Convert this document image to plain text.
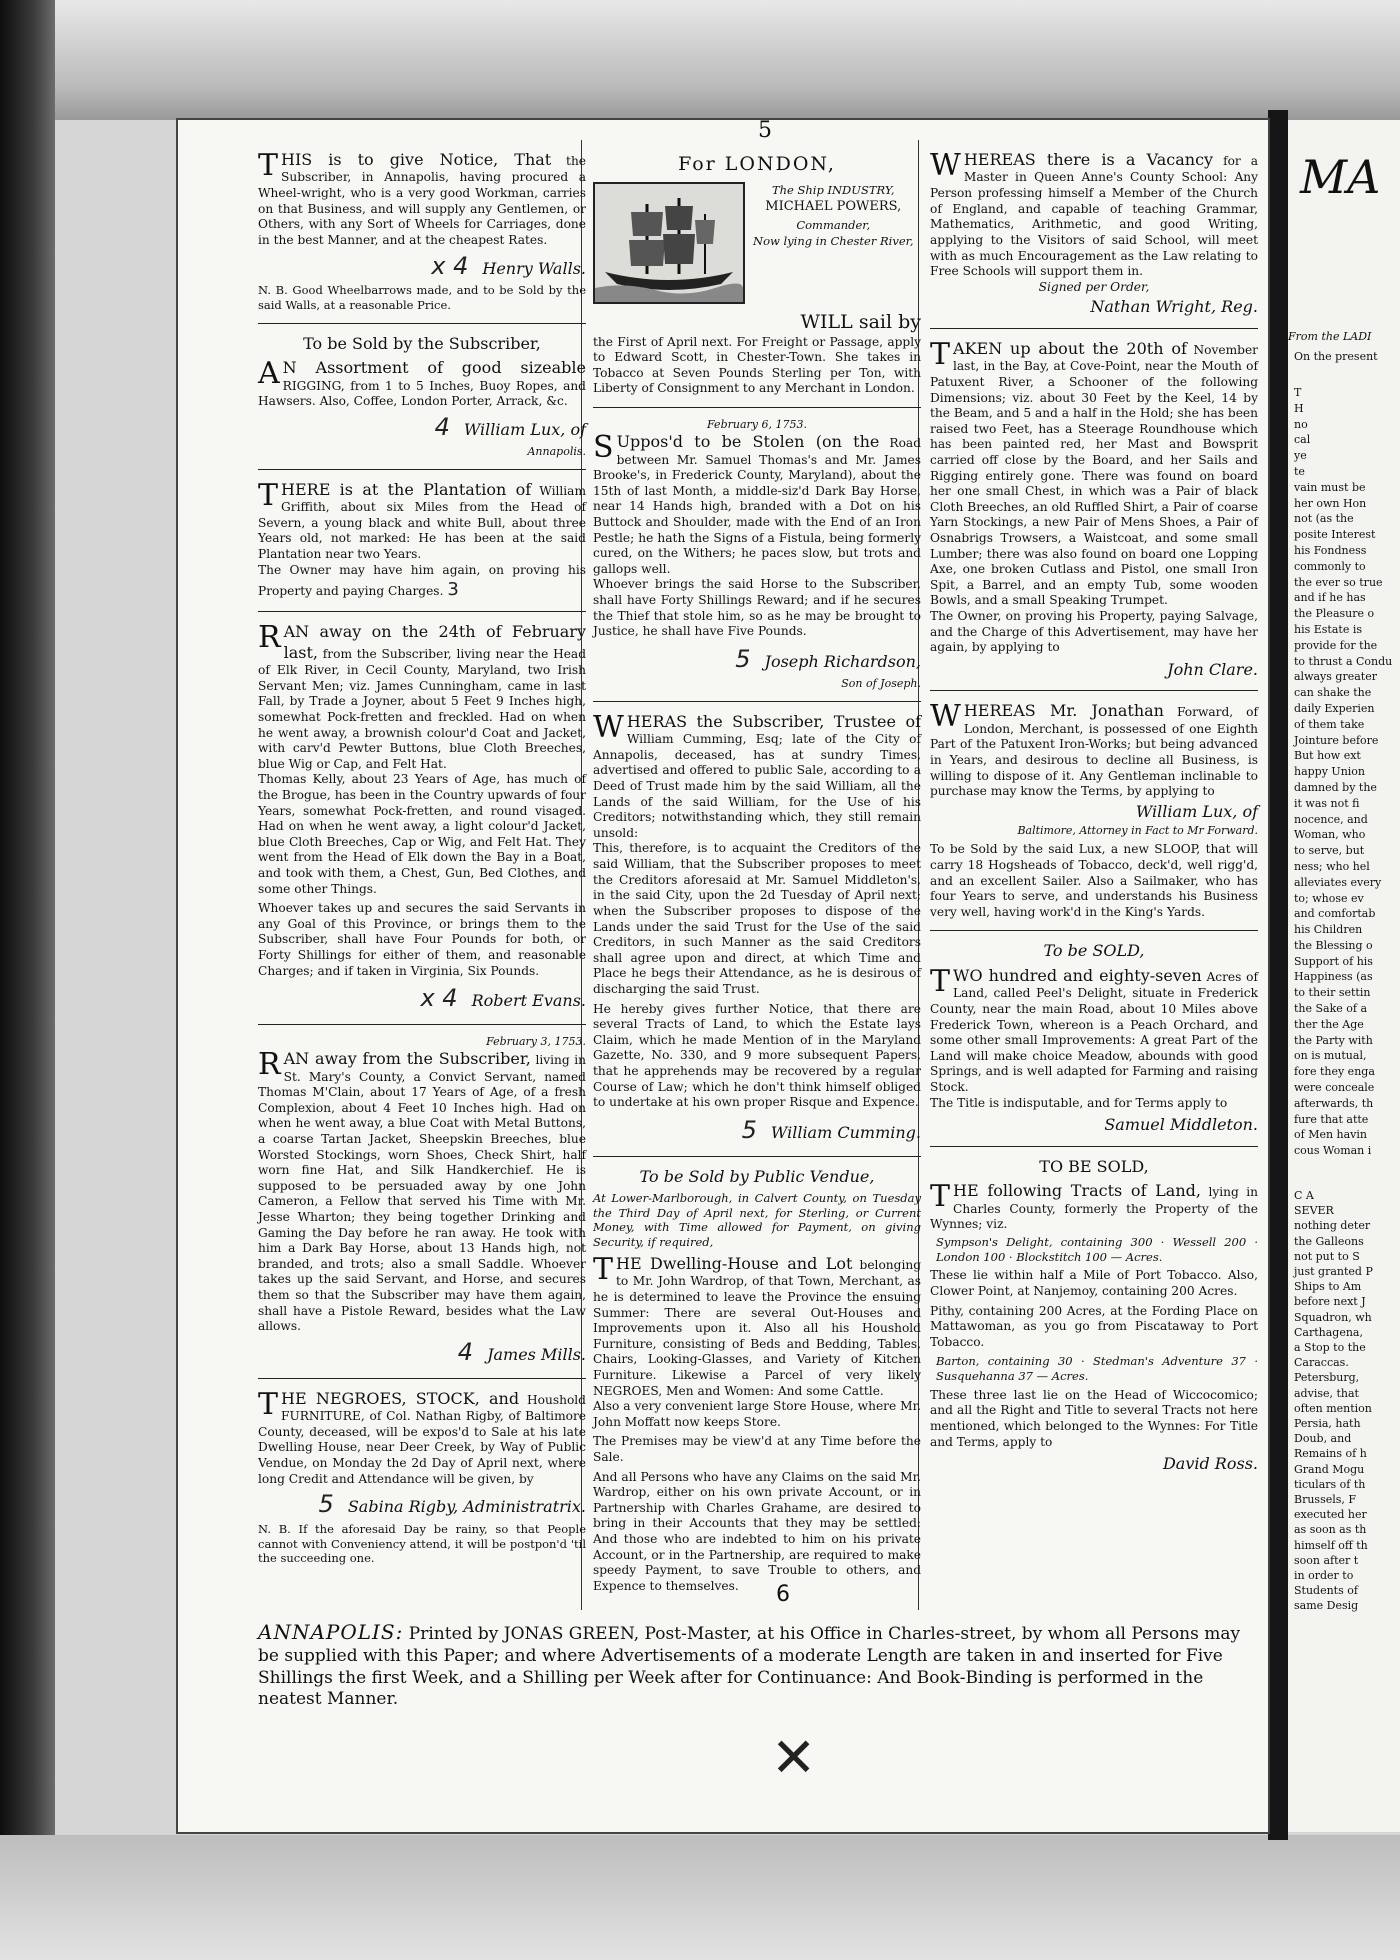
5
T HIS is to give Notice, That the Subscriber, in Annapolis, having procured a Wheel-wright, who is a very good Workman, carries on that Business, and will supply any Gentlemen, or Others, with any Sort of Wheels for Carriages, done in the best Manner, and at the cheapest Rates.
x 4 Henry Walls.

N. B. Good Wheelbarrows made, and to be Sold by the said Walls, at a reasonable Price.

To be Sold by the Subscriber,
A N Assortment of good sizeable RIGGING, from 1 to 5 Inches, Buoy Ropes, and Hawsers. Also, Coffee, London Porter, Arrack, &c.
4 William Lux, of

Annapolis.

T HERE is at the Plantation of William Griffith, about six Miles from the Head of Severn, a young black and white Bull, about three Years old, not marked: He has been at the said Plantation near two Years.

The Owner may have him again, on proving his Property and paying Charges. 3

R AN away on the 24th of February last, from the Subscriber, living near the Head of Elk River, in Cecil County, Maryland, two Irish Servant Men; viz. James Cunningham, came in last Fall, by Trade a Joyner, about 5 Feet 9 Inches high, somewhat Pock-fretten and freckled. Had on when he went away, a brownish colour'd Coat and Jacket, with carv'd Pewter Buttons, blue Cloth Breeches, blue Wig or Cap, and Felt Hat.

Thomas Kelly, about 23 Years of Age, has much of the Brogue, has been in the Country upwards of four Years, somewhat Pock-fretten, and round visaged. Had on when he went away, a light colour'd Jacket, blue Cloth Breeches, Cap or Wig, and Felt Hat. They went from the Head of Elk down the Bay in a Boat, and took with them, a Chest, Gun, Bed Clothes, and some other Things.

Whoever takes up and secures the said Servants in any Goal of this Province, or brings them to the Subscriber, shall have Four Pounds for both, or Forty Shillings for either of them, and reasonable Charges; and if taken in Virginia, Six Pounds.

x 4 Robert Evans.
February 3, 1753.
R AN away from the Subscriber, living in St. Mary's County, a Convict Servant, named Thomas M'Clain, about 17 Years of Age, of a fresh Complexion, about 4 Feet 10 Inches high. Had on when he went away, a blue Coat with Metal Buttons, a coarse Tartan Jacket, Sheepskin Breeches, blue Worsted Stockings, worn Shoes, Check Shirt, half worn fine Hat, and Silk Handkerchief. He is supposed to be persuaded away by one John Cameron, a Fellow that served his Time with Mr. Jesse Wharton; they being together Drinking and Gaming the Day before he ran away. He took with him a Dark Bay Horse, about 13 Hands high, not branded, and trots; also a small Saddle. Whoever takes up the said Servant, and Horse, and secures them so that the Subscriber may have them again, shall have a Pistole Reward, besides what the Law allows.
4 James Mills.
T HE NEGROES, STOCK, and Houshold FURNITURE, of Col. Nathan Rigby, of Baltimore County, deceased, will be expos'd to Sale at his late Dwelling House, near Deer Creek, by Way of Public Vendue, on Monday the 2d Day of April next, where long Credit and Attendance will be given, by
5 Sabina Rigby, Administratrix.

N. B. If the aforesaid Day be rainy, so that People cannot with Conveniency attend, it will be postpon'd 'til the succeeding one.

For LONDON,
The Ship INDUSTRY,
MICHAEL POWERS,
Commander,
Now lying in Chester River,
WILL sail by

the First of April next. For Freight or Passage, apply to Edward Scott, in Chester-Town. She takes in Tobacco at Seven Pounds Sterling per Ton, with Liberty of Consignment to any Merchant in London.

February 6, 1753.
S Uppos'd to be Stolen (on the Road between Mr. Samuel Thomas's and Mr. James Brooke's, in Frederick County, Maryland), about the 15th of last Month, a middle-siz'd Dark Bay Horse, near 14 Hands high, branded with a Dot on his Buttock and Shoulder, made with the End of an Iron Pestle; he hath the Signs of a Fistula, being formerly cured, on the Withers; he paces slow, but trots and gallops well.

Whoever brings the said Horse to the Subscriber, shall have Forty Shillings Reward; and if he secures the Thief that stole him, so as he may be brought to Justice, he shall have Five Pounds.

5 Joseph Richardson,

Son of Joseph.

W HERAS the Subscriber, Trustee of William Cumming, Esq; late of the City of Annapolis, deceased, has at sundry Times, advertised and offered to public Sale, according to a Deed of Trust made him by the said William, all the Lands of the said William, for the Use of his Creditors; notwithstanding which, they still remain unsold:

This, therefore, is to acquaint the Creditors of the said William, that the Subscriber proposes to meet the Creditors aforesaid at Mr. Samuel Middleton's, in the said City, upon the 2d Tuesday of April next; when the Subscriber proposes to dispose of the Lands under the said Trust for the Use of the said Creditors, in such Manner as the said Creditors shall agree upon and direct, at which Time and Place he begs their Attendance, as he is desirous of discharging the said Trust.

He hereby gives further Notice, that there are several Tracts of Land, to which the Estate lays Claim, which he made Mention of in the Maryland Gazette, No. 330, and 9 more subsequent Papers, that he apprehends may be recovered by a regular Course of Law; which he don't think himself obliged to undertake at his own proper Risque and Expence.

5 William Cumming.
To be Sold by Public Vendue,

At Lower-Marlborough, in Calvert County, on Tuesday the Third Day of April next, for Sterling, or Current Money, with Time allowed for Payment, on giving Security, if required,

T HE Dwelling-House and Lot belonging to Mr. John Wardrop, of that Town, Merchant, as he is determined to leave the Province the ensuing Summer: There are several Out-Houses and Improvements upon it. Also all his Houshold Furniture, consisting of Beds and Bedding, Tables, Chairs, Looking-Glasses, and Variety of Kitchen Furniture. Likewise a Parcel of very likely NEGROES, Men and Women: And some Cattle.

Also a very convenient large Store House, where Mr. John Moffatt now keeps Store.

The Premises may be view'd at any Time before the Sale.

And all Persons who have any Claims on the said Mr. Wardrop, either on his own private Account, or in Partnership with Charles Grahame, are desired to bring in their Accounts that they may be settled: And those who are indebted to him on his private Account, or in the Partnership, are required to make speedy Payment, to save Trouble to others, and Expence to themselves.

W HEREAS there is a Vacancy for a Master in Queen Anne's County School: Any Person professing himself a Member of the Church of England, and capable of teaching Grammar, Mathematics, Arithmetic, and good Writing, applying to the Visitors of said School, will meet with as much Encouragement as the Law relating to Free Schools will support them in.
Signed per Order,
Nathan Wright, Reg.
T AKEN up about the 20th of November last, in the Bay, at Cove-Point, near the Mouth of Patuxent River, a Schooner of the following Dimensions; viz. about 30 Feet by the Keel, 14 by the Beam, and 5 and a half in the Hold; she has been raised two Feet, has a Steerage Roundhouse which has been painted red, her Mast and Bowsprit carried off close by the Board, and her Sails and Rigging entirely gone. There was found on board her one small Chest, in which was a Pair of black Cloth Breeches, an old Ruffled Shirt, a Pair of coarse Yarn Stockings, a new Pair of Mens Shoes, a Pair of Osnabrigs Trowsers, a Waistcoat, and some small Lumber; there was also found on board one Lopping Axe, one broken Cutlass and Pistol, one small Iron Spit, a Barrel, and an empty Tub, some wooden Bowls, and a small Speaking Trumpet.

The Owner, on proving his Property, paying Salvage, and the Charge of this Advertisement, may have her again, by applying to

John Clare.
W HEREAS Mr. Jonathan Forward, of London, Merchant, is possessed of one Eighth Part of the Patuxent Iron-Works; but being advanced in Years, and desirous to decline all Business, is willing to dispose of it. Any Gentleman inclinable to purchase may know the Terms, by applying to
William Lux, of

Baltimore, Attorney in Fact to Mr Forward.

To be Sold by the said Lux, a new SLOOP, that will carry 18 Hogsheads of Tobacco, deck'd, well rigg'd, and an excellent Sailer. Also a Sailmaker, who has four Years to serve, and understands his Business very well, having work'd in the King's Yards.

To be SOLD,
T WO hundred and eighty-seven Acres of Land, called Peel's Delight, situate in Frederick County, near the main Road, about 10 Miles above Frederick Town, whereon is a Peach Orchard, and some other small Improvements: A great Part of the Land will make choice Meadow, abounds with good Springs, and is well adapted for Farming and raising Stock.

The Title is indisputable, and for Terms apply to

Samuel Middleton.
TO BE SOLD,
T HE following Tracts of Land, lying in Charles County, formerly the Property of the Wynnes; viz.
Sympson's Delight, containing 300 · Wessell 200 · London 100 · Blockstitch 100 — Acres.

These lie within half a Mile of Port Tobacco. Also, Clower Point, at Nanjemoy, containing 200 Acres.

Pithy, containing 200 Acres, at the Fording Place on Mattawoman, as you go from Piscataway to Port Tobacco.

Barton, containing 30 · Stedman's Adventure 37 · Susquehanna 37 — Acres.

These three last lie on the Head of Wiccocomico; and all the Right and Title to several Tracts not here mentioned, which belonged to the Wynnes: For Title and Terms, apply to

David Ross.
6
ANNAPOLIS: Printed by JONAS GREEN, Post-Master, at his Office in Charles-street, by whom all Persons may be supplied with this Paper; and where Advertisements of a moderate Length are taken in and inserted for Five Shillings the first Week, and a Shilling per Week after for Continuance: And Book-Binding is performed in the neatest Manner.
✕
MA
From the LADI
On the present
T
H
no
cal
ye
te
vain must be
her own Hon
not (as the
posite Interest
his Fondness
commonly to
the ever so true
and if he has
the Pleasure o
his Estate is
provide for the
to thrust a Condu
always greater
can shake the
daily Experien
of them take
Jointure before
But how ext
happy Union
damned by the
it was not fi
nocence, and
Woman, who
to serve, but
ness; who hel
alleviates every
to; whose ev
and comfortab
his Children
the Blessing o
Support of his
Happiness (as
to their settin
the Sake of a
ther the Age
the Party with
on is mutual,
fore they enga
were conceale
afterwards, th
fure that atte
of Men havin
cous Woman i
C A
SEVER
nothing deter
the Galleons
not put to S
just granted P
Ships to Am
before next J
Squadron, wh
Carthagena,
a Stop to the
Caraccas.
Petersburg,
advise, that
often mention
Persia, hath
Doub, and
Remains of h
Grand Mogu
ticulars of th
Brussels, F
executed her
as soon as th
himself off th
soon after t
in order to
Students of
same Desig
